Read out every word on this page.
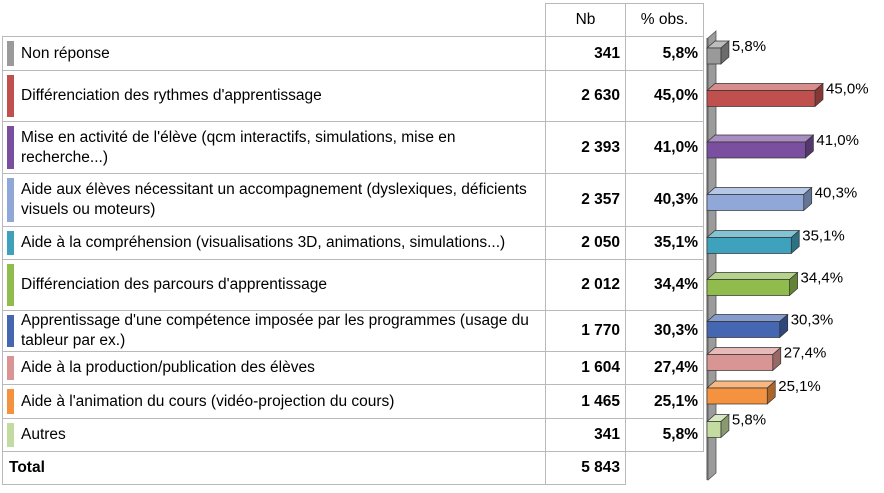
	Nb	% obs.

Non réponse	341	5,8%

Différenciation des rythmes d'apprentissage	2 630	45,0%

Mise en activité de l'élève (qcm interactifs, simulations, mise en recherche...)	2 393	41,0%

Aide aux élèves nécessitant un accompagnement (dyslexiques, déficients visuels ou moteurs)	2 357	40,3%

Aide à la compréhension (visualisations 3D, animations, simulations...)	2 050	35,1%

Différenciation des parcours d'apprentissage	2 012	34,4%

Apprentissage d'une compétence imposée par les programmes (usage du tableur par ex.)	1 770	30,3%

Aide à la production/publication des élèves	1 604	27,4%

Aide à l'animation du cours (vidéo-projection du cours)	1 465	25,1%

Autres	341	5,8%
Total	5 843	
5,8%
45,0%
41,0%
40,3%
35,1%
34,4%
30,3%
27,4%
25,1%
5,8%
